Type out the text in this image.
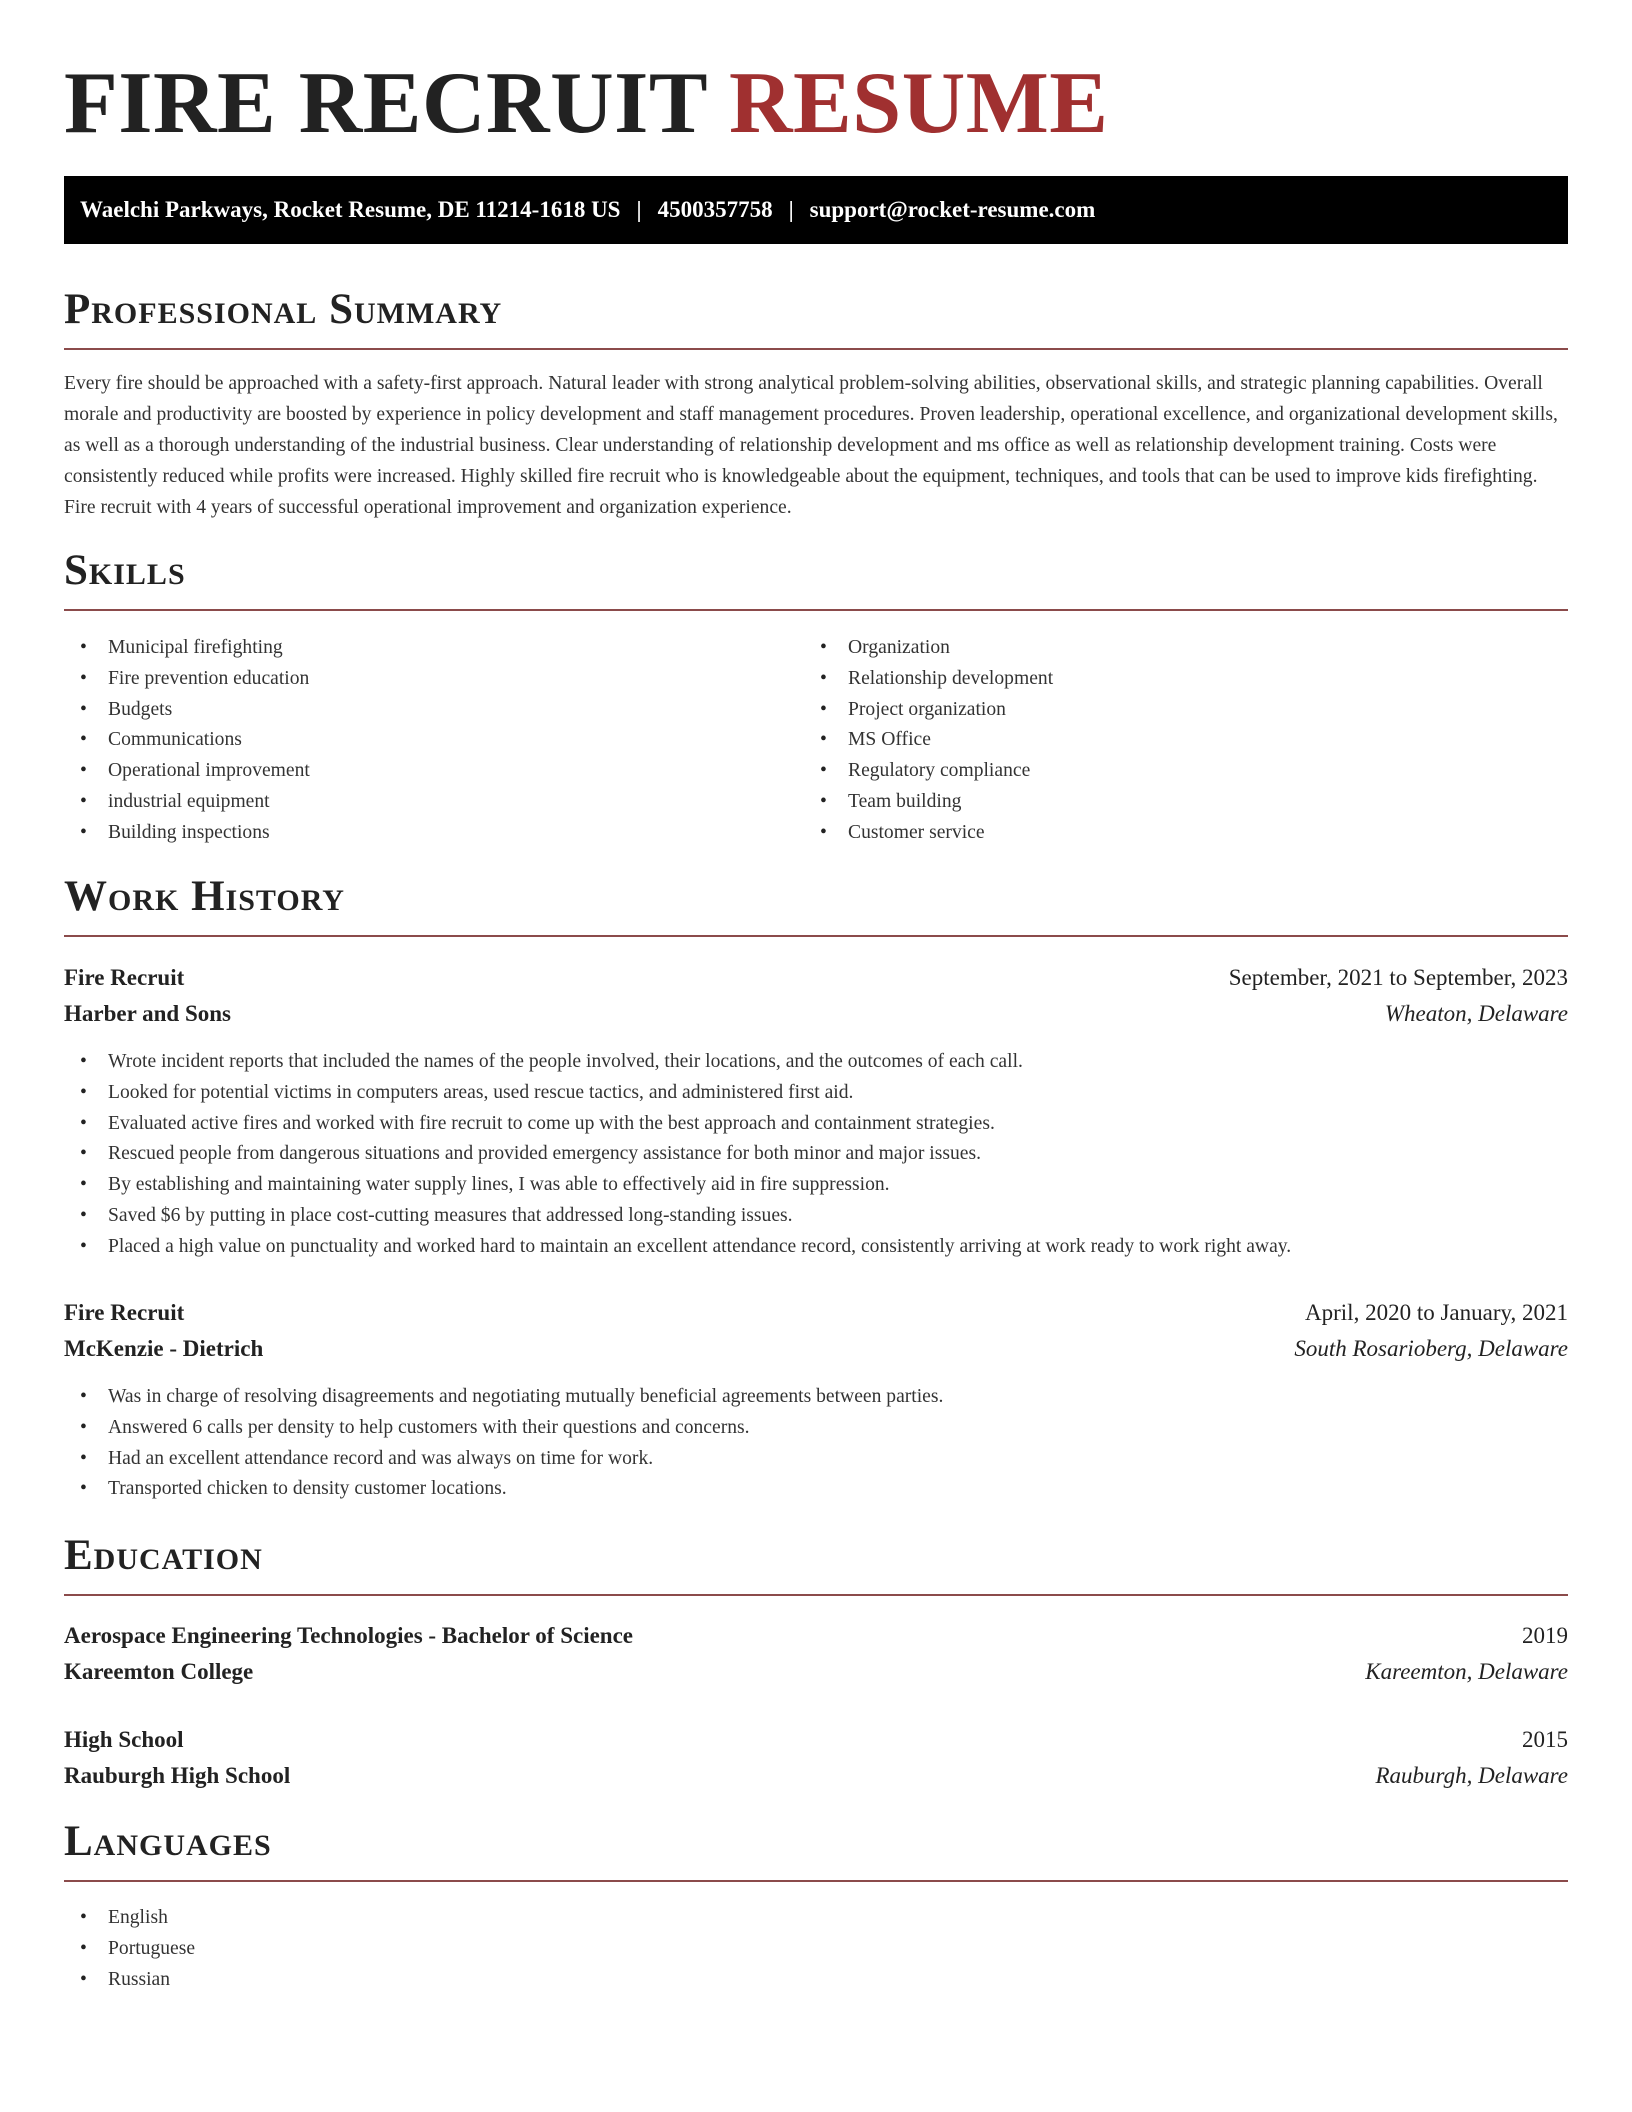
FIRE RECRUIT RESUME
Waelchi Parkways, Rocket Resume, DE 11214-1618 US | 4500357758 | support@rocket-resume.com
Professional Summary

Every fire should be approached with a safety-first approach. Natural leader with strong analytical problem-solving abilities, observational skills, and strategic planning capabilities. Overall morale and productivity are boosted by experience in policy development and staff management procedures. Proven leadership, operational excellence, and organizational development skills, as well as a thorough understanding of the industrial business. Clear understanding of relationship development and ms office as well as relationship development training. Costs were consistently reduced while profits were increased. Highly skilled fire recruit who is knowledgeable about the equipment, techniques, and tools that can be used to improve kids firefighting. Fire recruit with 4 years of successful operational improvement and organization experience.

Skills
• Municipal firefighting
• Fire prevention education
• Budgets
• Communications
• Operational improvement
• industrial equipment
• Building inspections
• Organization
• Relationship development
• Project organization
• MS Office
• Regulatory compliance
• Team building
• Customer service
Work History
Fire Recruit	September, 2021 to September, 2023
Harber and Sons	Wheaton, Delaware
• Wrote incident reports that included the names of the people involved, their locations, and the outcomes of each call.
• Looked for potential victims in computers areas, used rescue tactics, and administered first aid.
• Evaluated active fires and worked with fire recruit to come up with the best approach and containment strategies.
• Rescued people from dangerous situations and provided emergency assistance for both minor and major issues.
• By establishing and maintaining water supply lines, I was able to effectively aid in fire suppression.
• Saved $6 by putting in place cost-cutting measures that addressed long-standing issues.
• Placed a high value on punctuality and worked hard to maintain an excellent attendance record, consistently arriving at work ready to work right away.
Fire Recruit	April, 2020 to January, 2021
McKenzie - Dietrich	South Rosarioberg, Delaware
• Was in charge of resolving disagreements and negotiating mutually beneficial agreements between parties.
• Answered 6 calls per density to help customers with their questions and concerns.
• Had an excellent attendance record and was always on time for work.
• Transported chicken to density customer locations.
Education
Aerospace Engineering Technologies - Bachelor of Science	2019
Kareemton College	Kareemton, Delaware
High School	2015
Rauburgh High School	Rauburgh, Delaware
Languages
• English
• Portuguese
• Russian
